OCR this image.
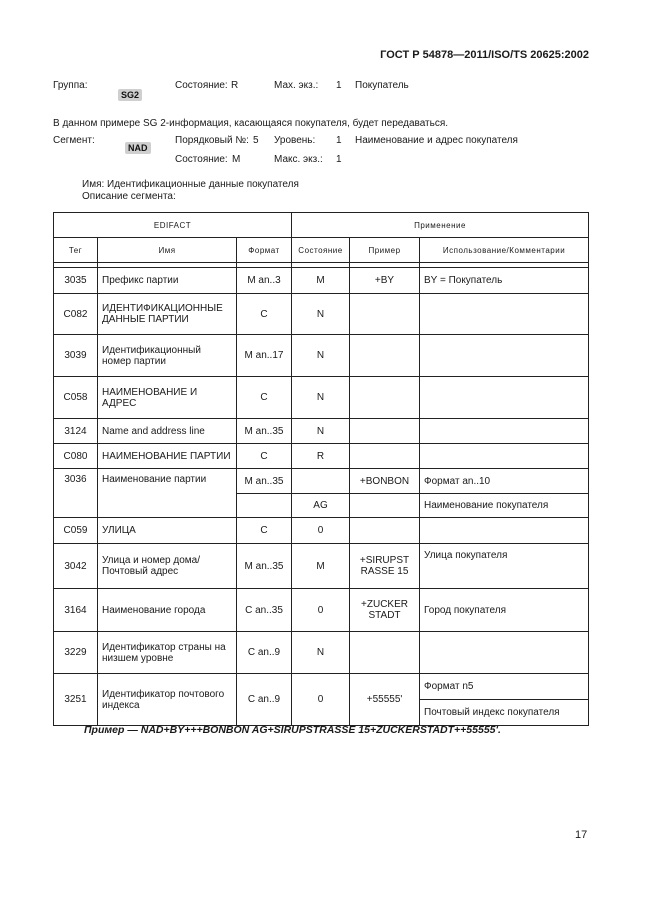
ГОСТ Р 54878—2011/ISO/TS 20625:2002
Группа:
SG2
Состояние: R	Мах. экз.: 1 Покупатель
В данном примере SG 2-информация, касающаяся покупателя, будет передаваться.
Сегмент:
NAD
Порядковый №: 5 Уровень: 1 Наименование и адрес покупателя
Состояние: М	Макс. экз.: 1
Имя: Идентификационные данные покупателя
Описание сегмента:
EDIFACT			Применение		
Тег	Имя	Формат	Состояние	Пример	Использование/Комментарии

3035	Префикс партии	M an..3	M	+BY	BY = Покупатель
C082	ИДЕНТИФИКАЦИОННЫЕ ДАННЫЕ ПАРТИИ	C	N		
3039	Идентификационный номер партии	M an..17	N		
C058	НАИМЕНОВАНИЕ И АДРЕС	C	N		
3124	Name and address line	M an..35	N		
C080	НАИМЕНОВАНИЕ ПАРТИИ	C	R		
3036	Наименование партии	M an..35		+BONBON	Формат an..10
			AG		Наименование покупателя
C059	УЛИЦА	C	0		
3042	Улица и номер дома/ Почтовый адрес	M an..35	M	+SIRUPST RASSE 15	Улица покупателя
3164	Наименование города	C an..35	0	+ZUCKER STADT	Город покупателя
3229	Идентификатор страны на низшем уровне	C an..9	N		
3251	Идентификатор почтового индекса	C an..9	0	+55555'	Формат n5
					Почтовый индекс покупателя
Пример — NAD+BY+++BONBON AG+SIRUPSTRASSE 15+ZUCKERSTADT++55555'.
17
